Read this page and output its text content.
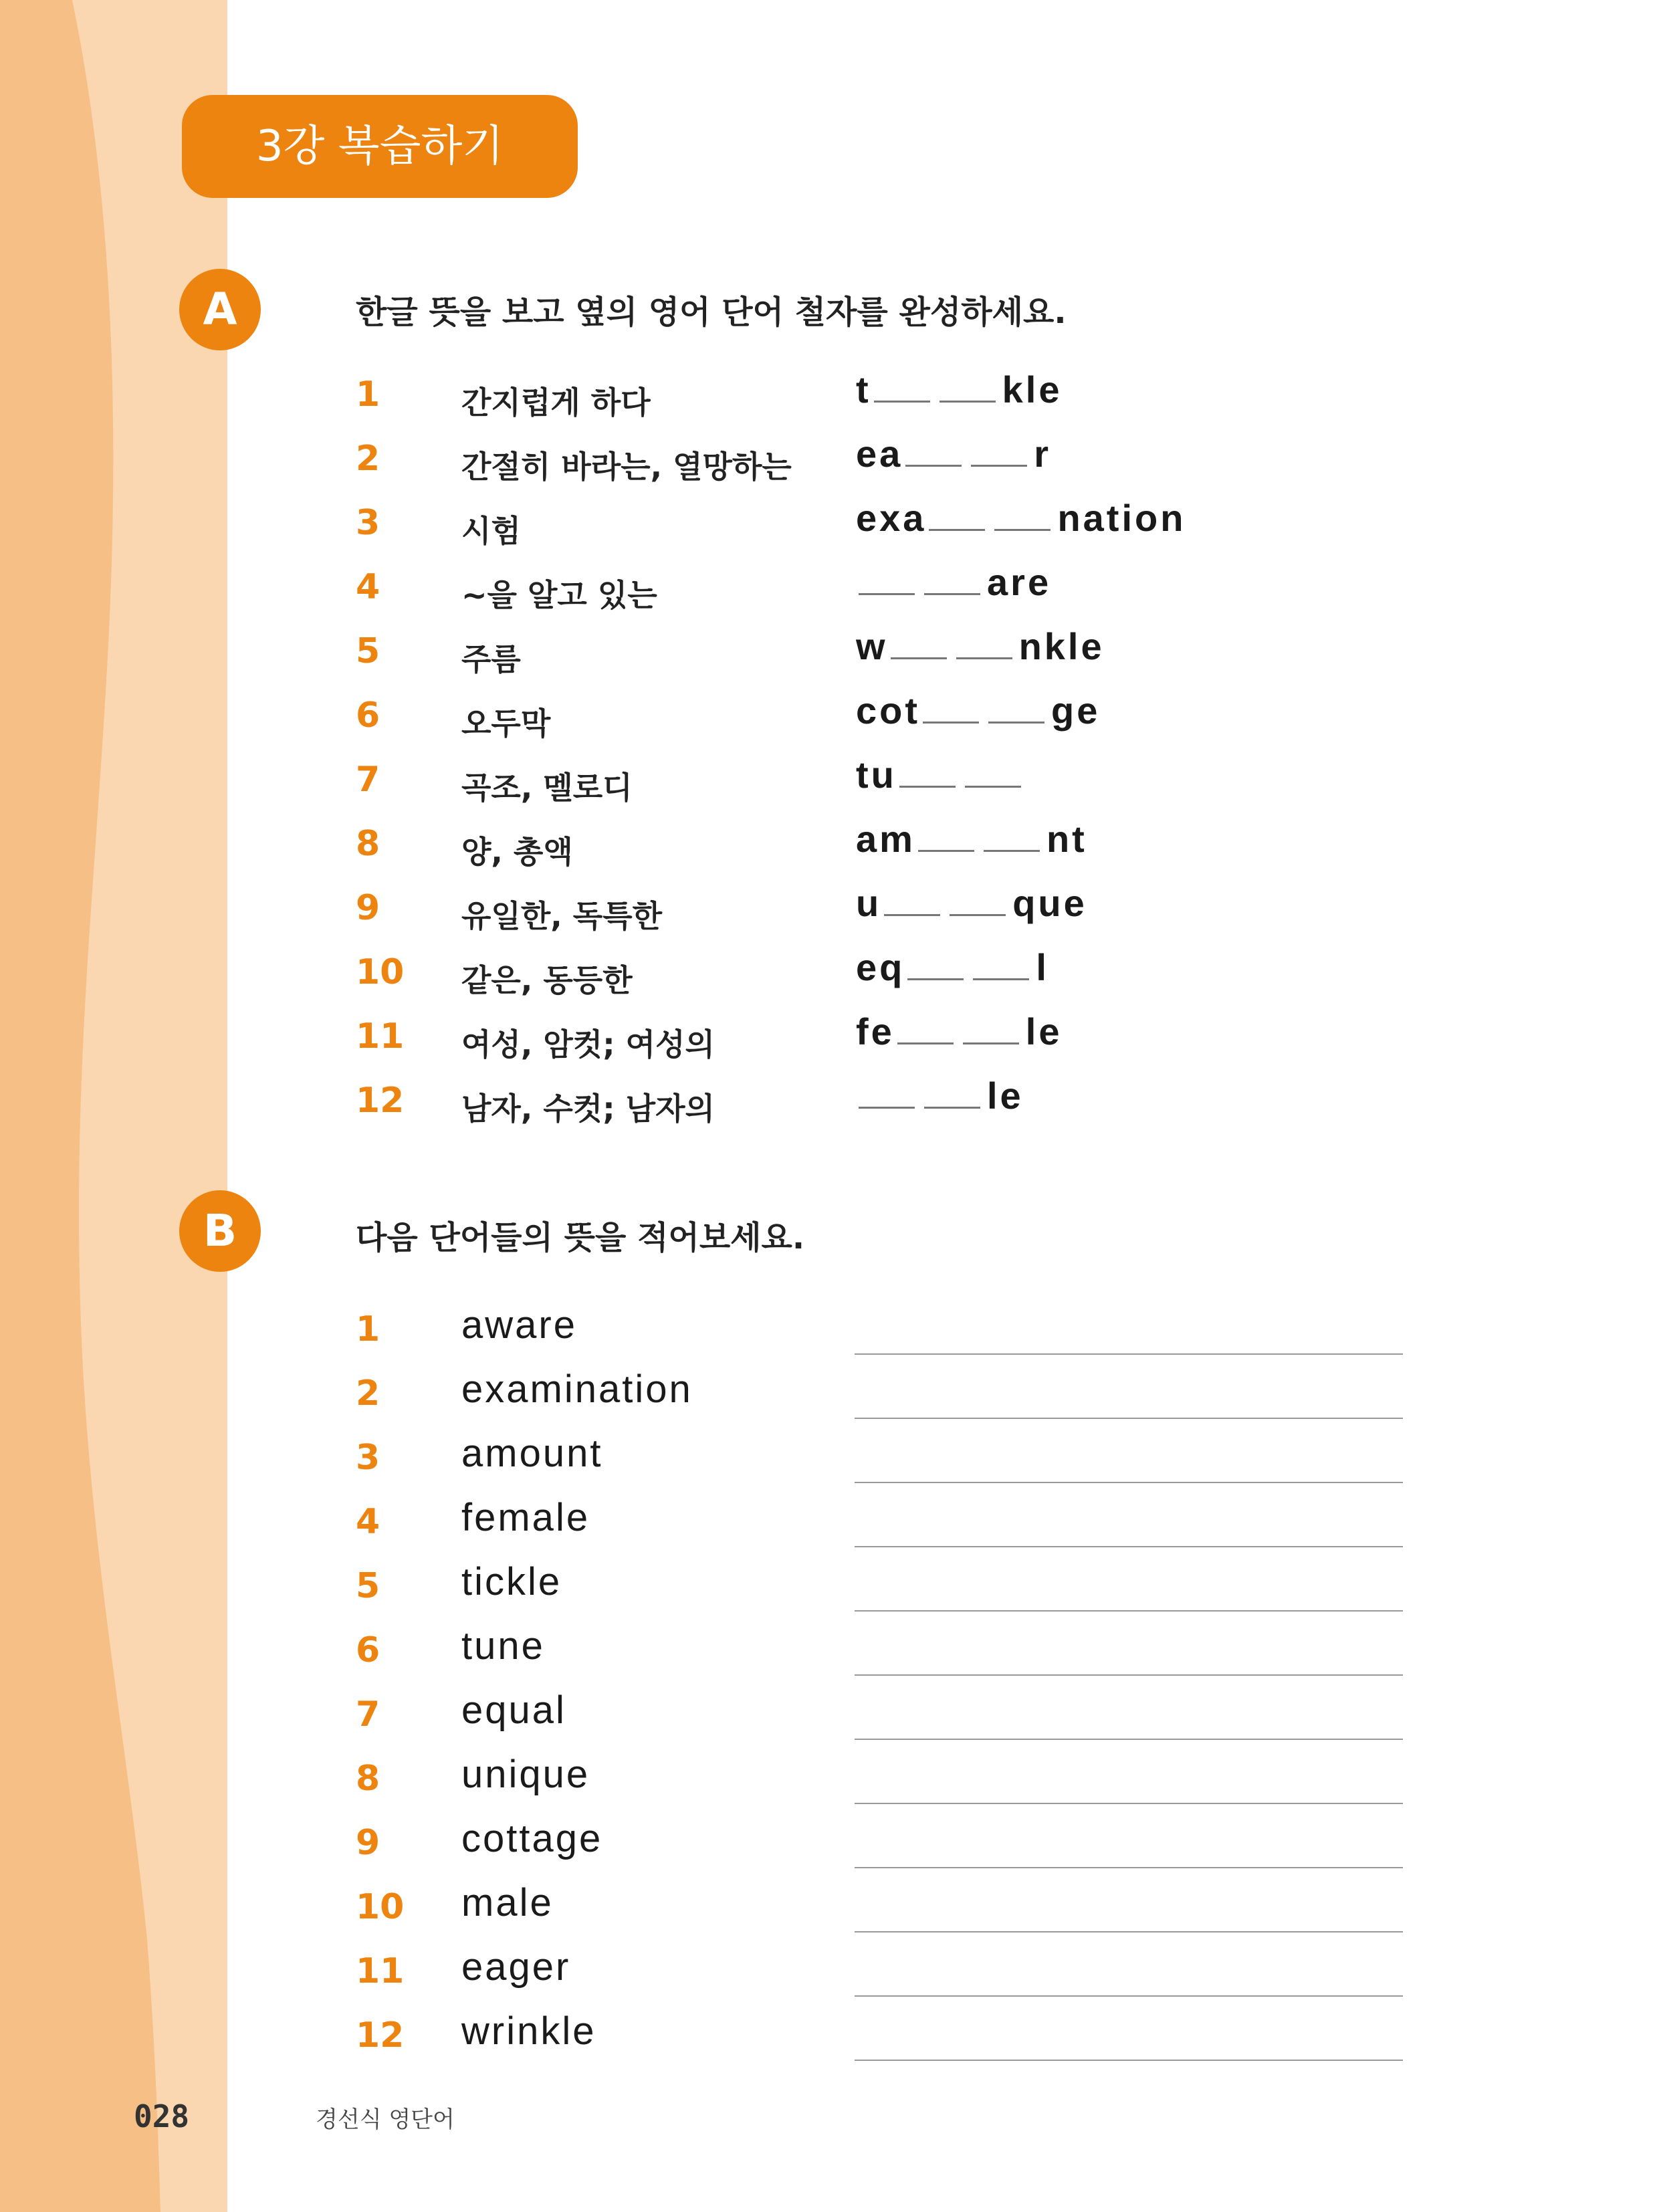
3강 복습하기
A	한글 뜻을 보고 옆의 영어 단어 철자를 완성하세요.
1	간지럽게 하다	t	kle
2	간절히 바라는, 열망하는 ea	r
3	시험	exa	nation
4	~을 알고 있는	are
5	주름	w	nkle
6	오두막	cot	ge
7	곡조, 멜로디	tu
8	양, 총액	am	nt
9	유일한, 독특한	u	que
10 같은, 동등한	eq	l
11 여성, 암컷; 여성의	fe	le
12 남자, 수컷; 남자의	le
B	다음 단어들의 뜻을 적어보세요.
1 aware
2 examination
3 amount
4 female
5 tickle
6 tune
7 equal
8 unique
9 cottage
10 male
11 eager
12 wrinkle
028	경선식 영단어
